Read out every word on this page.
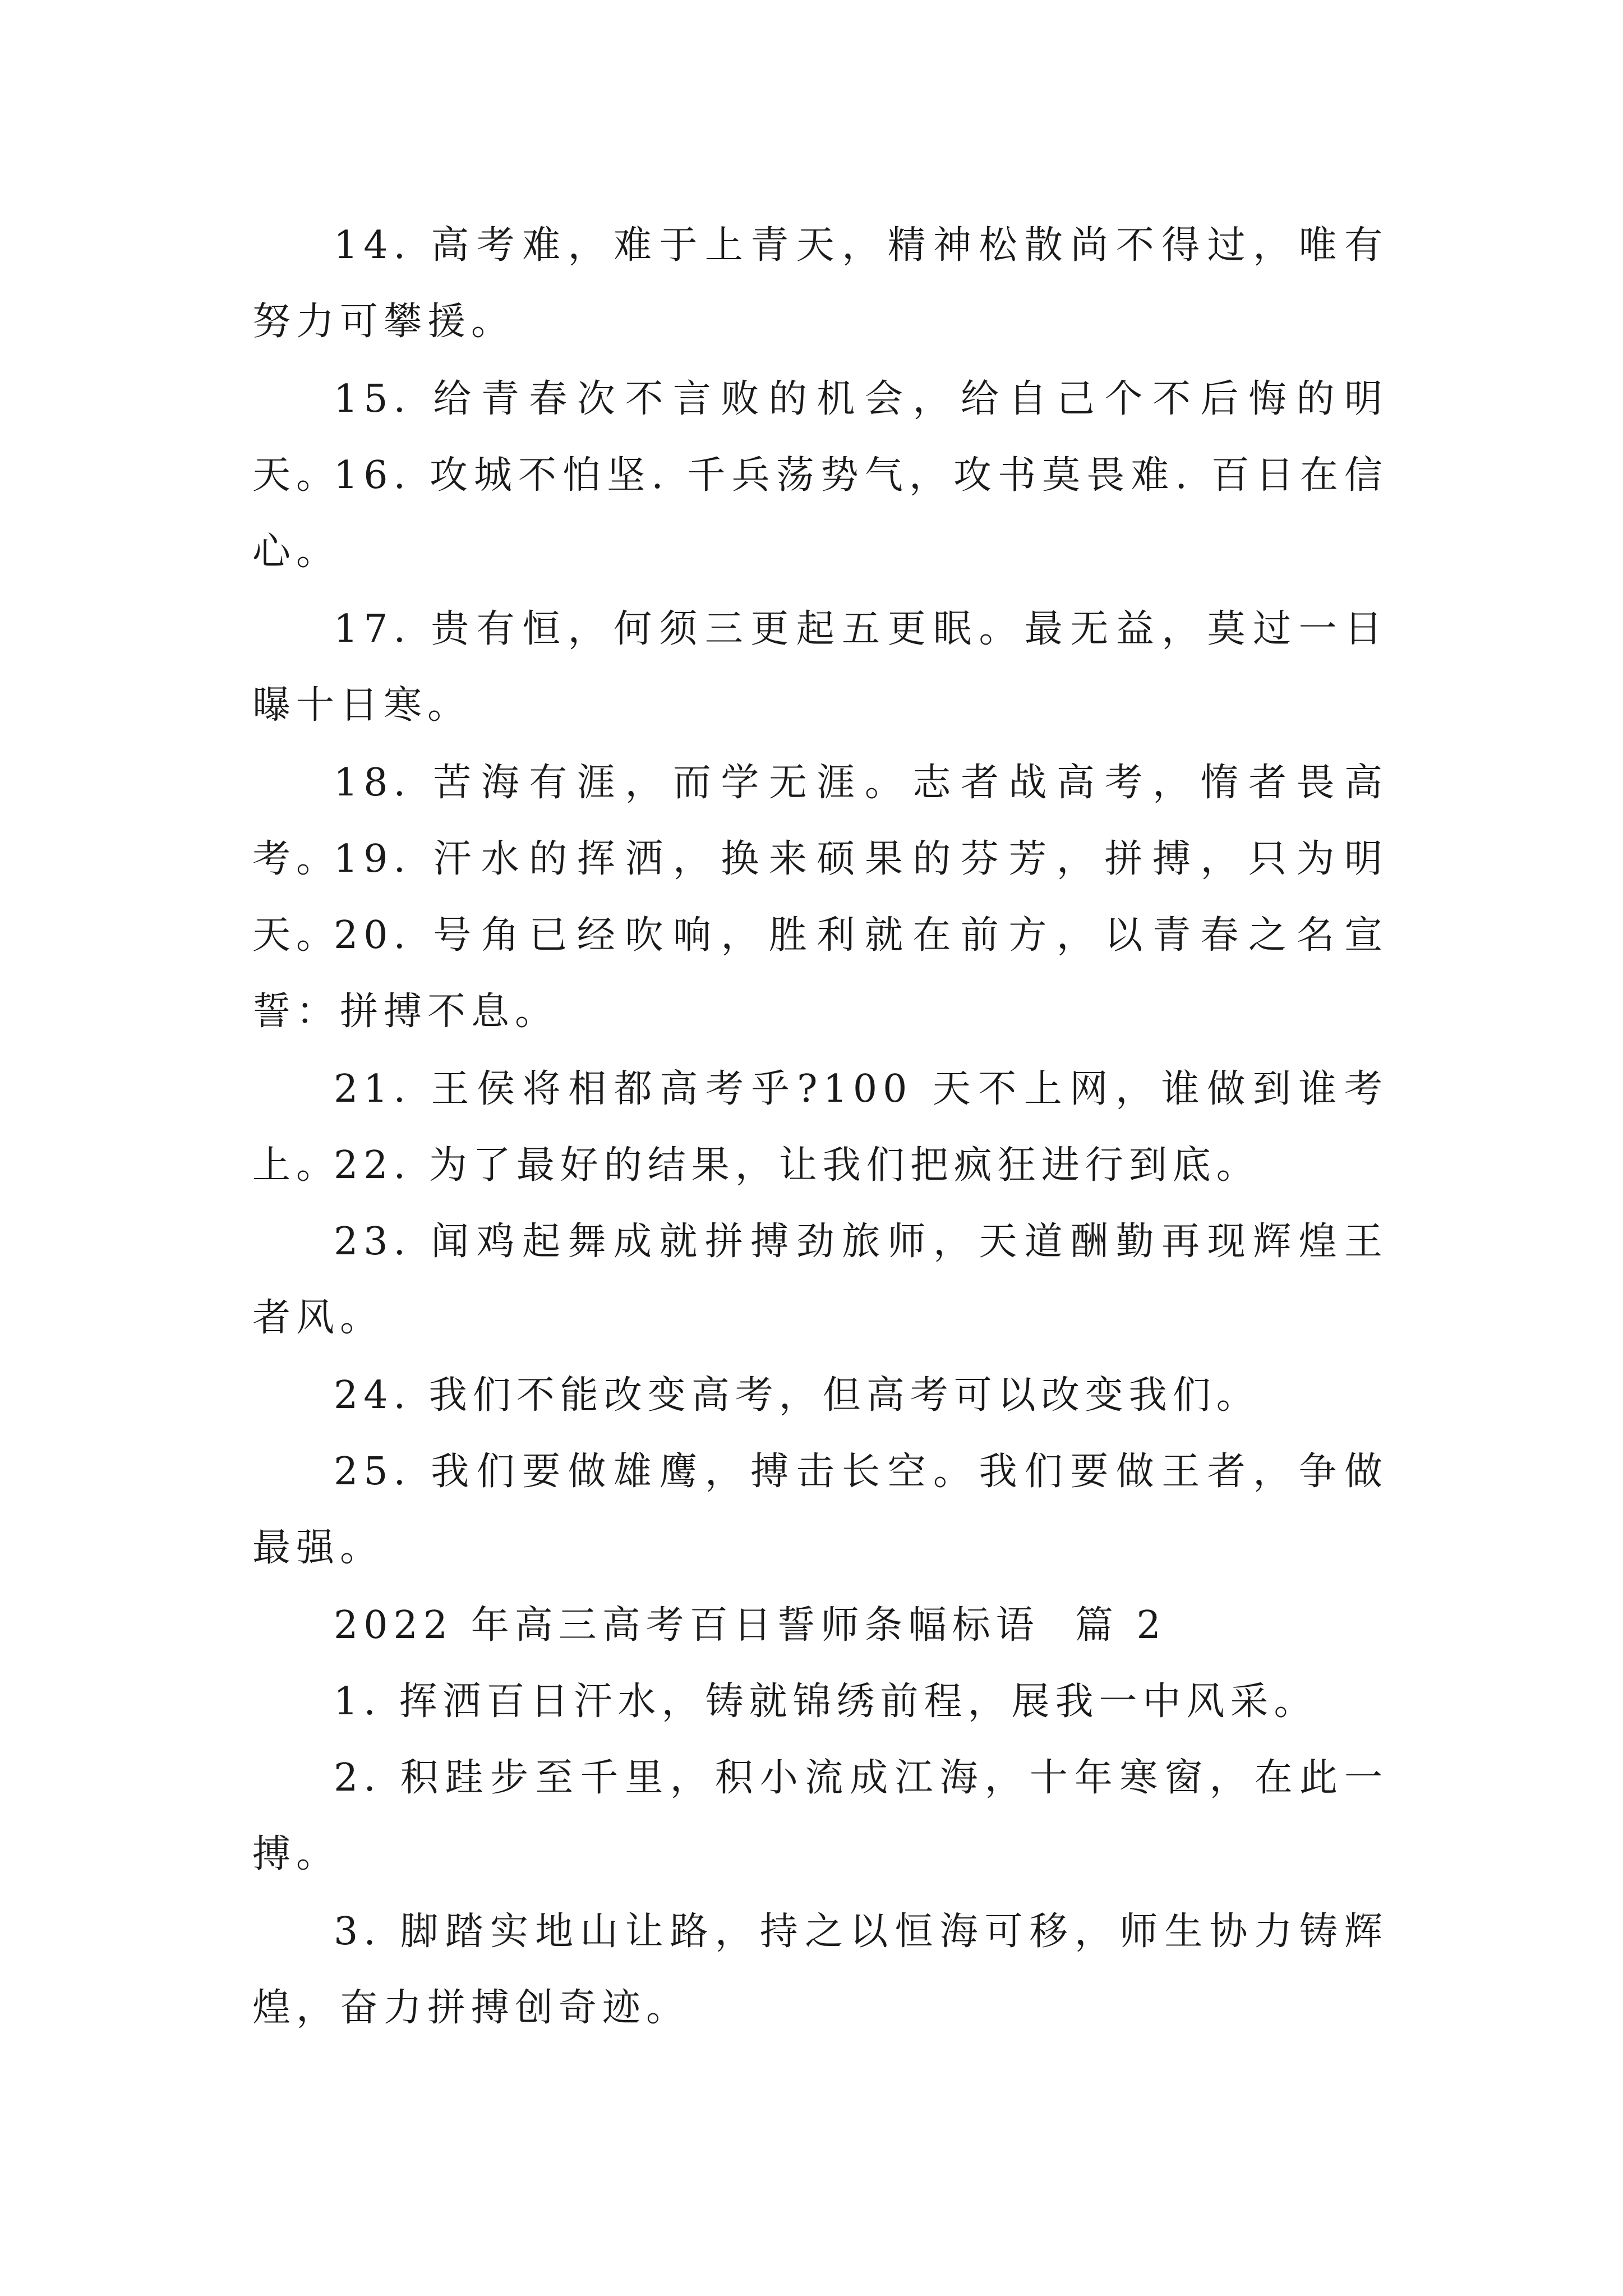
14. 高考难，难于上青天，精神松散尚不得过，唯有努力可攀援。

15. 给青春次不言败的机会，给自己个不后悔的明天。

16. 攻城不怕坚. 千兵荡势气，攻书莫畏难. 百日在信心。

17. 贵有恒，何须三更起五更眠。最无益，莫过一日曝十日寒。

18. 苦海有涯，而学无涯。志者战高考，惰者畏高考。

19. 汗水的挥洒，换来硕果的芬芳，拼搏，只为明天。

20. 号角已经吹响，胜利就在前方，以青春之名宣誓：拼搏不息。

21. 王侯将相都高考乎?100 天不上网，谁做到谁考上。

22. 为了最好的结果，让我们把疯狂进行到底。

23. 闻鸡起舞成就拼搏劲旅师，天道酬勤再现辉煌王者风。

24. 我们不能改变高考，但高考可以改变我们。

25. 我们要做雄鹰，搏击长空。我们要做王者，争做最强。

2022 年高三高考百日誓师条幅标语  篇 2

1. 挥洒百日汗水，铸就锦绣前程，展我一中风采。

2. 积跬步至千里，积小流成江海，十年寒窗，在此一搏。

3. 脚踏实地山让路，持之以恒海可移，师生协力铸辉煌，奋力拼搏创奇迹。
